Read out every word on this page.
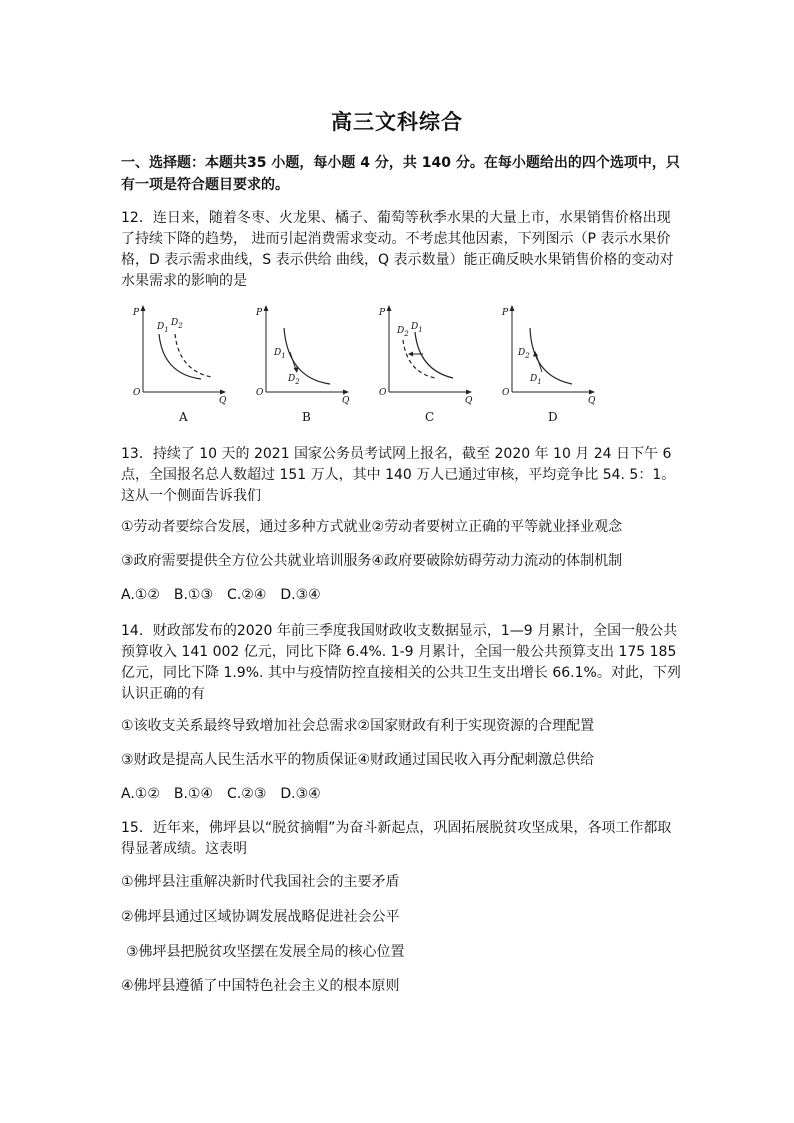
高三文科综合
一、选择题：本题共35 小题，每小题 4 分，共 140 分。在每小题给出的四个选项中，只有一项是符合题目要求的。
12．连日来，随着冬枣、火龙果、橘子、葡萄等秋季水果的大量上市，水果销售价格出现了持续下降的趋势， 进而引起消费需求变动。不考虑其他因素，下列图示（P 表示水果价格，D 表示需求曲线，S 表示供给 曲线，Q 表示数量）能正确反映水果销售价格的变动对水果需求的影响的是
P
$D_1$
$D_2$
O
Q
A
P
$D_1$
$D_2$
O
Q
B
P
$D_2$
$D_1$
O
Q
C
P
$D_2$
$D_1$
O
Q
D
13．持续了 10 天的 2021 国家公务员考试网上报名，截至 2020 年 10 月 24 日下午 6 点，全国报名总人数超过 151 万人，其中 140 万人已通过审核，平均竞争比 54. 5：1。这从一个侧面告诉我们
①劳动者要综合发展，通过多种方式就业②劳动者要树立正确的平等就业择业观念
③政府需要提供全方位公共就业培训服务④政府要破除妨碍劳动力流动的体制机制
A.①②　B.①③　C.②④　D.③④
14．财政部发布的2020 年前三季度我国财政收支数据显示，1—9 月累计，全国一般公共预算收入 141 002 亿元，同比下降 6.4%. 1-9 月累计，全国一般公共预算支出 175 185 亿元，同比下降 1.9%. 其中与疫情防控直接相关的公共卫生支出增长 66.1%。对此，下列认识正确的有
①该收支关系最终导致增加社会总需求②国家财政有利于实现资源的合理配置
③财政是提高人民生活水平的物质保证④财政通过国民收入再分配刺激总供给
A.①②　B.①④　C.②③　D.③④
15．近年来，佛坪县以“脱贫摘帽”为奋斗新起点，巩固拓展脱贫攻坚成果，各项工作都取得显著成绩。这表明
①佛坪县注重解决新时代我国社会的主要矛盾
②佛坪县通过区域协调发展战略促进社会公平
③佛坪县把脱贫攻坚摆在发展全局的核心位置
④佛坪县遵循了中国特色社会主义的根本原则
